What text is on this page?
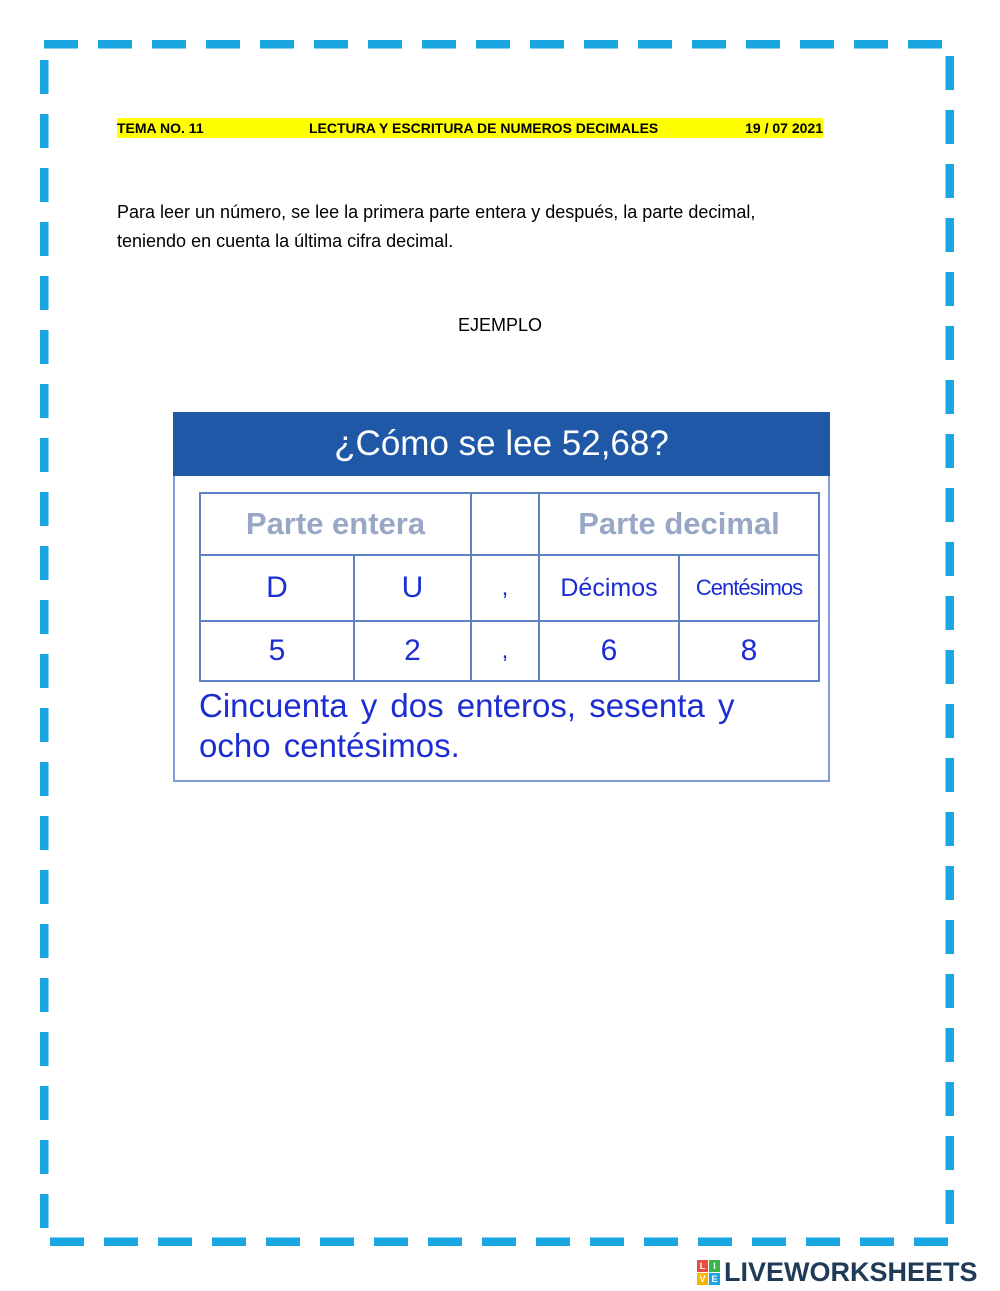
TEMA NO. 11	LECTURA Y ESCRITURA DE NUMEROS DECIMALES	19 / 07 2021
Para leer un número, se lee la primera parte entera y después, la parte decimal,
teniendo en cuenta la última cifra decimal.
EJEMPLO
¿Cómo se lee 52,68?
Parte entera	Parte decimal
D	U	,	Décimos	Centésimos
5	2	,	6	8
Cincuenta y dos enteros, sesenta y
ocho centésimos.
L I
V E LIVEWORKSHEETS
